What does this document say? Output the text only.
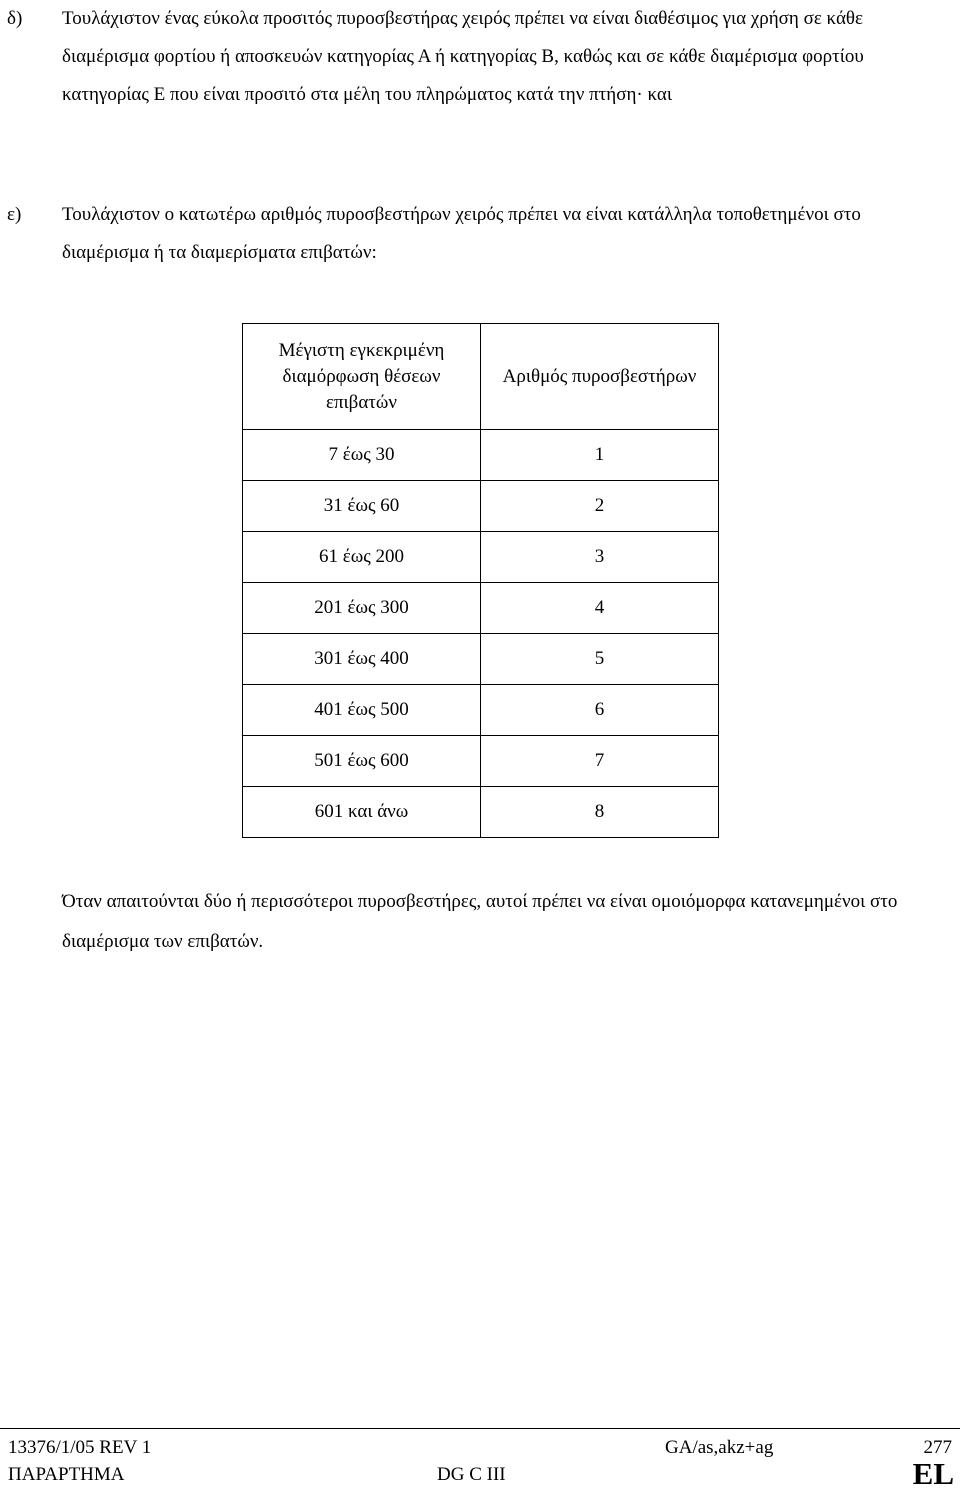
δ) Τουλάχιστον ένας εύκολα προσιτός πυροσβεστήρας χειρός πρέπει να είναι διαθέσιμος για χρήση σε κάθε διαμέρισμα φορτίου ή αποσκευών κατηγορίας Α ή κατηγορίας Β, καθώς και σε κάθε διαμέρισμα φορτίου κατηγορίας Ε που είναι προσιτό στα μέλη του πληρώματος κατά την πτήση· και
ε) Τουλάχιστον ο κατωτέρω αριθμός πυροσβεστήρων χειρός πρέπει να είναι κατάλληλα τοποθετημένοι στο διαμέρισμα ή τα διαμερίσματα επιβατών:
Μέγιστη εγκεκριμένη διαμόρφωση θέσεων επιβατών	Αριθμός πυροσβεστήρων
7 έως 30	1
31 έως 60	2
61 έως 200	3
201 έως 300	4
301 έως 400	5
401 έως 500	6
501 έως 600	7
601 και άνω	8
Όταν απαιτούνται δύο ή περισσότεροι πυροσβεστήρες, αυτοί πρέπει να είναι ομοιόμορφα κατανεμημένοι στο διαμέρισμα των επιβατών.
13376/1/05 REV 1
ΠΑΡΑΡΤΗΜΑ
GA/as,akz+ag	277
DG C III	EL
